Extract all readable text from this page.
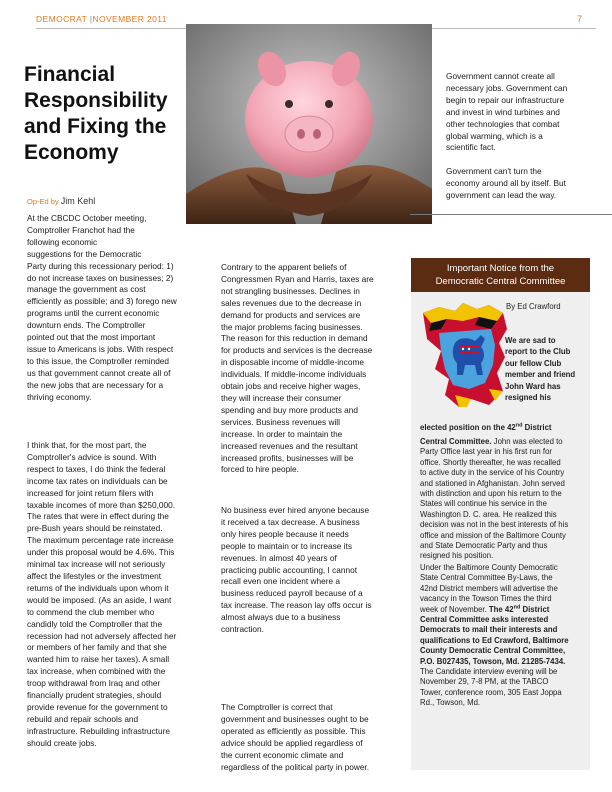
DEMOCRAT |NOVEMBER 2011	7
Financial Responsibility and Fixing the Economy
Op-Ed by Jim Kehl

At the CBCDC October meeting,
Comptroller Franchot had the
following economic
suggestions for the Democratic
Party during this recessionary period: 1)
do not increase taxes on businesses; 2)
manage the government as cost
efficiently as possible; and 3) forego new
programs until the current economic
downturn ends. The Comptroller
pointed out that the most important
issue to Americans is jobs. With respect
to this issue, the Comptroller reminded
us that government cannot create all of
the new jobs that are necessary for a
thriving economy.

I think that, for the most part, the
Comptroller's advice is sound. With
respect to taxes, I do think the federal
income tax rates on individuals can be
increased for joint return filers with
taxable incomes of more than $250,000.
The rates that were in effect during the
pre-Bush years should be reinstated.
The maximum percentage rate increase
under this proposal would be 4.6%. This
minimal tax increase will not seriously
affect the lifestyles or the investment
returns of the individuals upon whom it
would be imposed. (As an aside, I want
to commend the club member who
candidly told the Comptroller that the
recession had not adversely affected her
or members of her family and that she
wanted him to raise her taxes). A small
tax increase, when combined with the
troop withdrawal from Iraq and other
financially prudent strategies, should
provide revenue for the government to
rebuild and repair schools and
infrastructure. Rebuilding infrastructure
should create jobs.

Contrary to the apparent beliefs of
Congressmen Ryan and Harris, taxes are
not strangling businesses. Declines in
sales revenues due to the decrease in
demand for products and services are
the major problems facing businesses.
The reason for this reduction in demand
for products and services is the decrease
in disposable income of middle-income
individuals. If middle-income individuals
obtain jobs and receive higher wages,
they will increase their consumer
spending and buy more products and
services. Business revenues will
increase. In order to maintain the
increased revenues and the resultant
increased profits, businesses will be
forced to hire people.

No business ever hired anyone because
it received a tax decrease. A business
only hires people because it needs
people to maintain or to increase its
revenues. In almost 40 years of
practicing public accounting, I cannot
recall even one incident where a
business reduced payroll because of a
tax increase. The reason lay offs occur is
almost always due to a business
contraction.

The Comptroller is correct that
government and businesses ought to be
operated as efficiently as possible. This
advice should be applied regardless of
the current economic climate and
regardless of the political party in power.

Government cannot create all
necessary jobs. Government can
begin to repair our infrastructure
and invest in wind turbines and
other technologies that combat
global warming, which is a
scientific fact.

Government can't turn the
economy around all by itself. But
government can lead the way.

Important Notice from the
Democratic Central Committee
By Ed Crawford
We are sad to
report to the Club
our fellow Club
member and friend
John Ward has
resigned his
elected position on the 42nd District
Central Committee. John was elected to
Party Office last year in his first run for
office. Shortly thereafter, he was recalled
to active duty in the service of his Country
and stationed in Afghanistan. John served
with distinction and upon his return to the
States will continue his service in the
Washington D. C. area. He realized this
decision was not in the best interests of his
office and mission of the Baltimore County
and State Democratic Party and thus
resigned his position.
Under the Baltimore County Democratic
State Central Committee By-Laws, the
42nd District members will advertise the
vacancy in the Towson Times the third
week of November. The 42nd District
Central Committee asks interested
Democrats to mail their interests and
qualifications to Ed Crawford, Baltimore
County Democratic Central Committee,
P.O. B027435, Towson, Md. 21285-7434.
The Candidate interview evening will be
November 29, 7-8 PM, at the TABCO
Tower, conference room, 305 East Joppa
Rd., Towson, Md.
